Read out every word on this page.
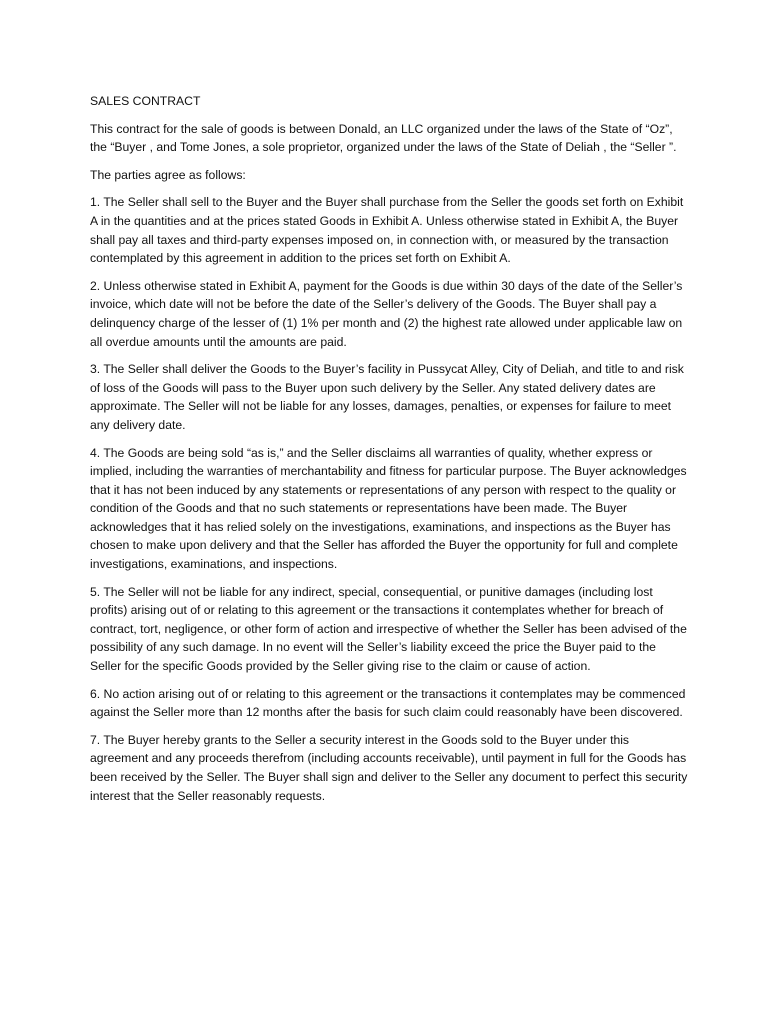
SALES CONTRACT

This contract for the sale of goods is between Donald, an LLC organized under the laws of the State of “Oz”, the “Buyer , and Tome Jones, a sole proprietor, organized under the laws of the State of Deliah , the “Seller ”.

The parties agree as follows:

1. The Seller shall sell to the Buyer and the Buyer shall purchase from the Seller the goods set forth on Exhibit A in the quantities and at the prices stated Goods in Exhibit A. Unless otherwise stated in Exhibit A, the Buyer shall pay all taxes and third-party expenses imposed on, in connection with, or measured by the transaction contemplated by this agreement in addition to the prices set forth on Exhibit A.

2. Unless otherwise stated in Exhibit A, payment for the Goods is due within 30 days of the date of the Seller’s invoice, which date will not be before the date of the Seller’s delivery of the Goods. The Buyer shall pay a delinquency charge of the lesser of (1) 1% per month and (2) the highest rate allowed under applicable law on all overdue amounts until the amounts are paid.

3. The Seller shall deliver the Goods to the Buyer’s facility in Pussycat Alley, City of Deliah, and title to and risk of loss of the Goods will pass to the Buyer upon such delivery by the Seller. Any stated delivery dates are approximate. The Seller will not be liable for any losses, damages, penalties, or expenses for failure to meet any delivery date.

4. The Goods are being sold “as is,” and the Seller disclaims all warranties of quality, whether express or implied, including the warranties of merchantability and fitness for particular purpose. The Buyer acknowledges that it has not been induced by any statements or representations of any person with respect to the quality or condition of the Goods and that no such statements or representations have been made. The Buyer acknowledges that it has relied solely on the investigations, examinations, and inspections as the Buyer has chosen to make upon delivery and that the Seller has afforded the Buyer the opportunity for full and complete investigations, examinations, and inspections.

5. The Seller will not be liable for any indirect, special, consequential, or punitive damages (including lost profits) arising out of or relating to this agreement or the transactions it contemplates whether for breach of contract, tort, negligence, or other form of action and irrespective of whether the Seller has been advised of the possibility of any such damage. In no event will the Seller’s liability exceed the price the Buyer paid to the Seller for the specific Goods provided by the Seller giving rise to the claim or cause of action.

6. No action arising out of or relating to this agreement or the transactions it contemplates may be commenced against the Seller more than 12 months after the basis for such claim could reasonably have been discovered.

7. The Buyer hereby grants to the Seller a security interest in the Goods sold to the Buyer under this agreement and any proceeds therefrom (including accounts receivable), until payment in full for the Goods has been received by the Seller. The Buyer shall sign and deliver to the Seller any document to perfect this security interest that the Seller reasonably requests.
